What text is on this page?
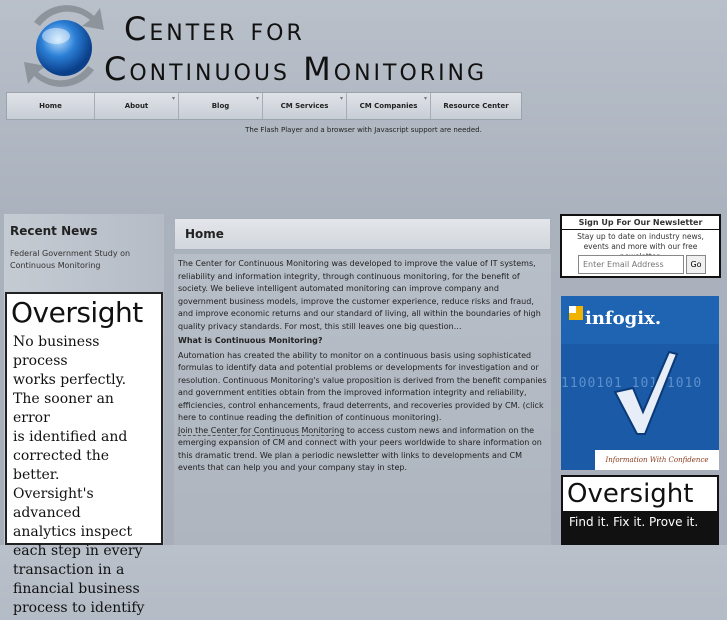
Center for
Continuous Monitoring
Home	About
▾
Blog
▾
CM Services
▾
CM Companies
▾
Resource Center
The Flash Player and a browser with Javascript support are needed.
Recent News
Federal Government Study on Continuous Monitoring
Oversight
No business process
works perfectly.
The sooner an error
is identified and
corrected the better.
Oversight's advanced
analytics inspect
each step in every
transaction in a
financial business
process to identify
Home

The Center for Continuous Monitoring was developed to improve the value of IT systems, reliability and information integrity, through continuous monitoring, for the benefit of society. We believe intelligent automated monitoring can improve company and government business models, improve the customer experience, reduce risks and fraud, and improve economic returns and our standard of living, all within the boundaries of high quality privacy standards. For most, this still leaves one big question…

What is Continuous Monitoring?

Automation has created the ability to monitor on a continuous basis using sophisticated formulas to identify data and potential problems or developments for investigation and or resolution. Continuous Monitoring's value proposition is derived from the benefit companies and government entities obtain from the improved information integrity and reliability, efficiencies, control enhancements, fraud deterrents, and recoveries provided by CM. (click here to continue reading the definition of continuous monitoring).

Join the Center for Continuous Monitoring to access custom news and information on the emerging expansion of CM and connect with your peers worldwide to share information on this dramatic trend. We plan a periodic newsletter with links to developments and CM events that can help you and your company stay in step.

Sign Up For Our Newsletter
Stay up to date on industry news, events and more with our free
Enter Email Address
Go
infogix.
1100101 10101010
Information With Confidence
Oversight
Find it. Fix it. Prove it.
